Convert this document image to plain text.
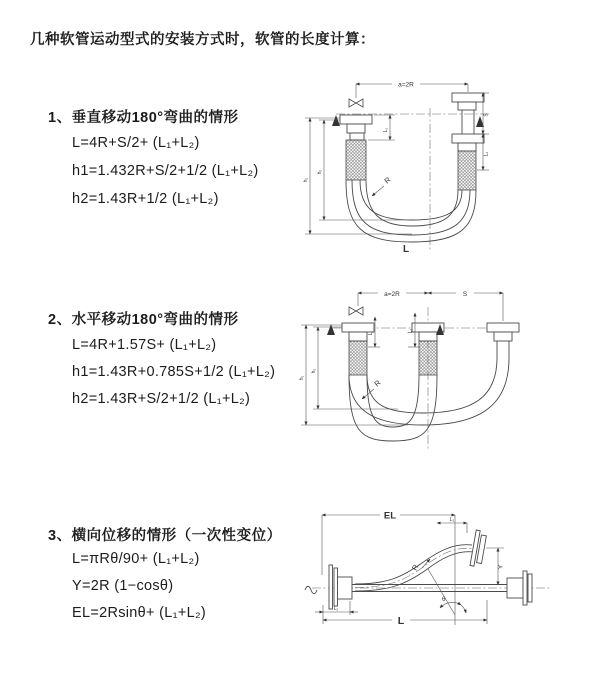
几种软管运动型式的安装方式时，软管的长度计算：
1、垂直移动180°弯曲的情形
L=4R+S/2+ (L₁+L₂)
h1=1.432R+S/2+1/2 (L₁+L₂)
h2=1.43R+1/2 (L₁+L₂)
2、水平移动180°弯曲的情形
L=4R+1.57S+ (L₁+L₂)
h1=1.43R+0.785S+1/2 (L₁+L₂)
h2=1.43R+S/2+1/2 (L₁+L₂)
3、横向位移的情形（一次性变位）
L=πRθ/90+ (L₁+L₂)
Y=2R (1−cosθ)
EL=2Rsinθ+ (L₁+L₂)
a=2R
L₁
S
L₂
h₁
h₂
R
L
a=2R	S
L₁	L₂
h₁
h₂
R
EL	L₁
Y
R
θ
L
L₂
